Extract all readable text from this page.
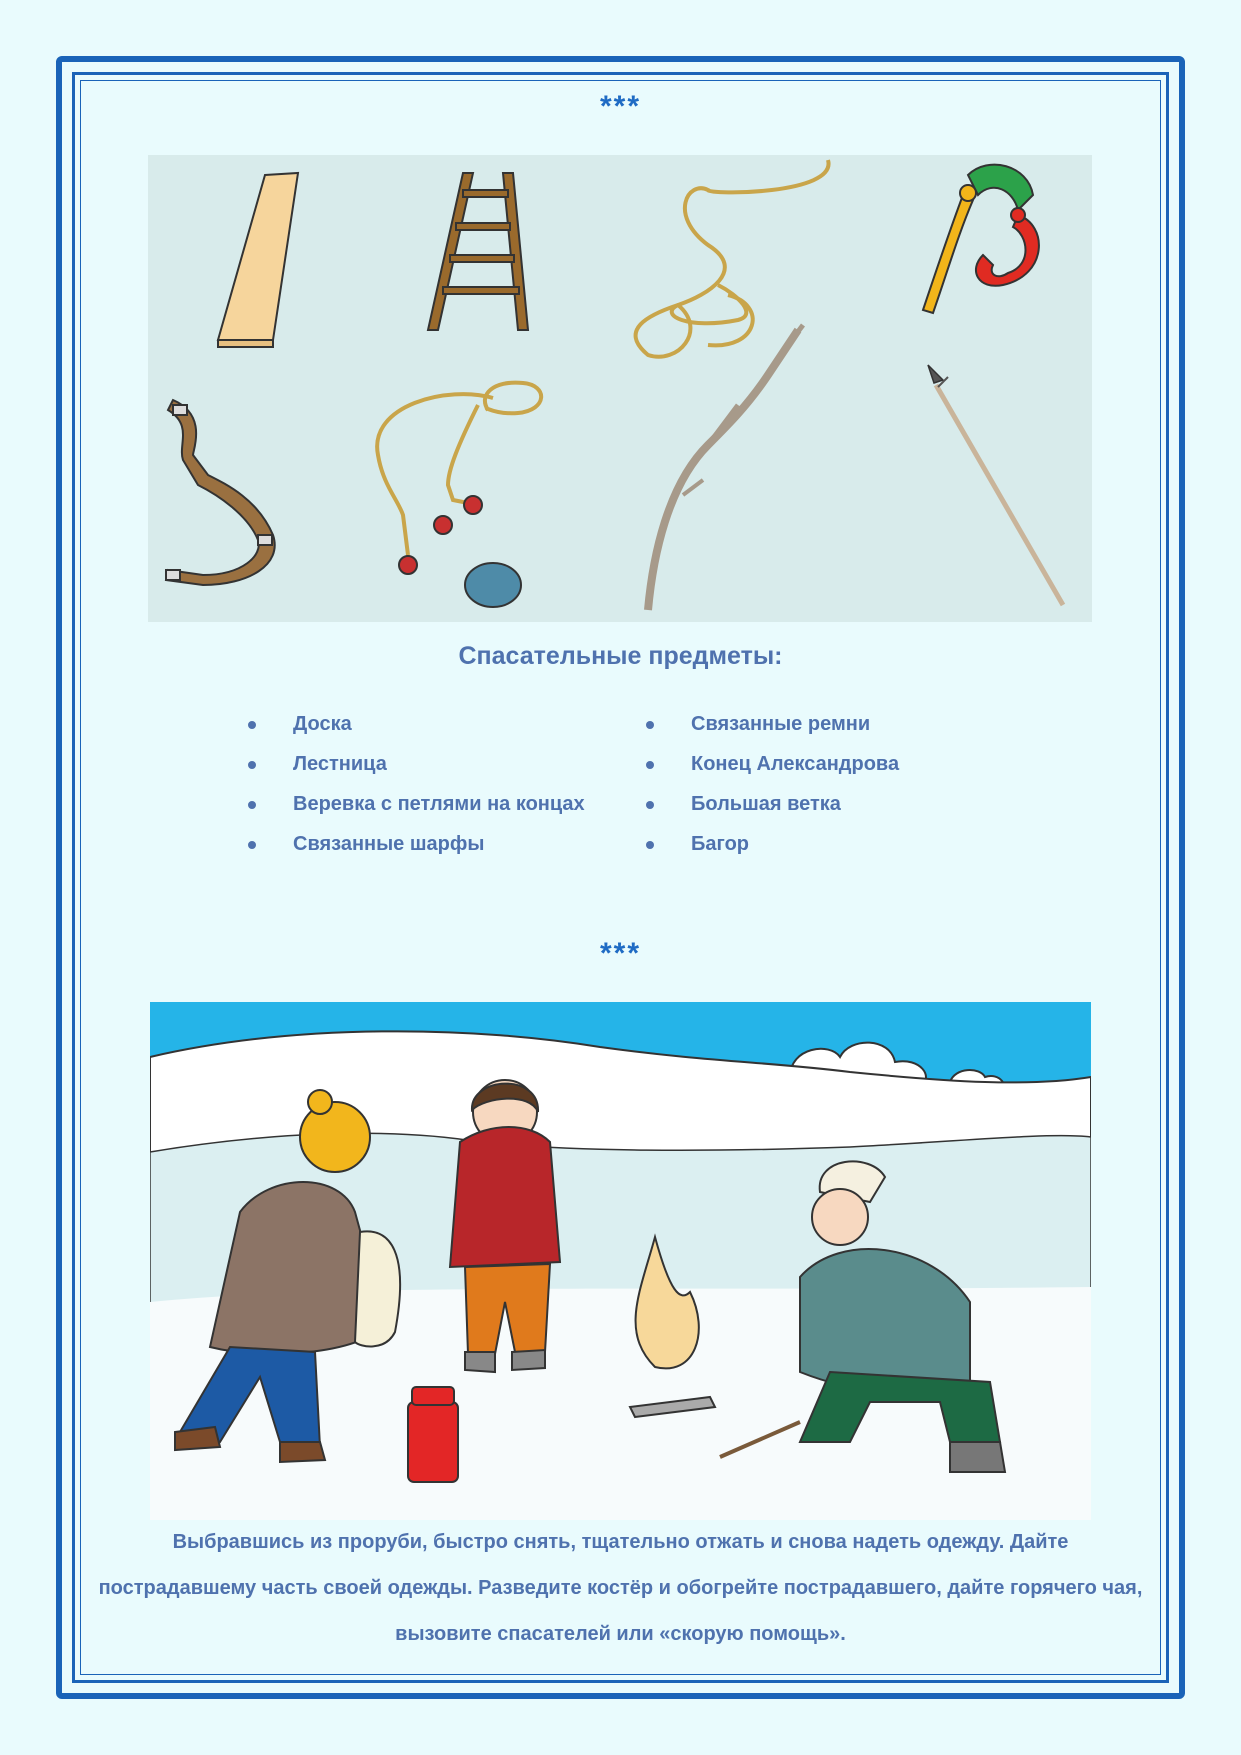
***
Спасательные предметы:
Доска
Лестница
Веревка с петлями на концах
Связанные шарфы
Связанные ремни
Конец Александрова
Большая ветка
Багор
***
Выбравшись из проруби, быстро снять, тщательно отжать и снова надеть одежду. Дайте пострадавшему часть своей одежды. Разведите костёр и обогрейте пострадавшего, дайте горячего чая, вызовите спасателей или «скорую помощь».
